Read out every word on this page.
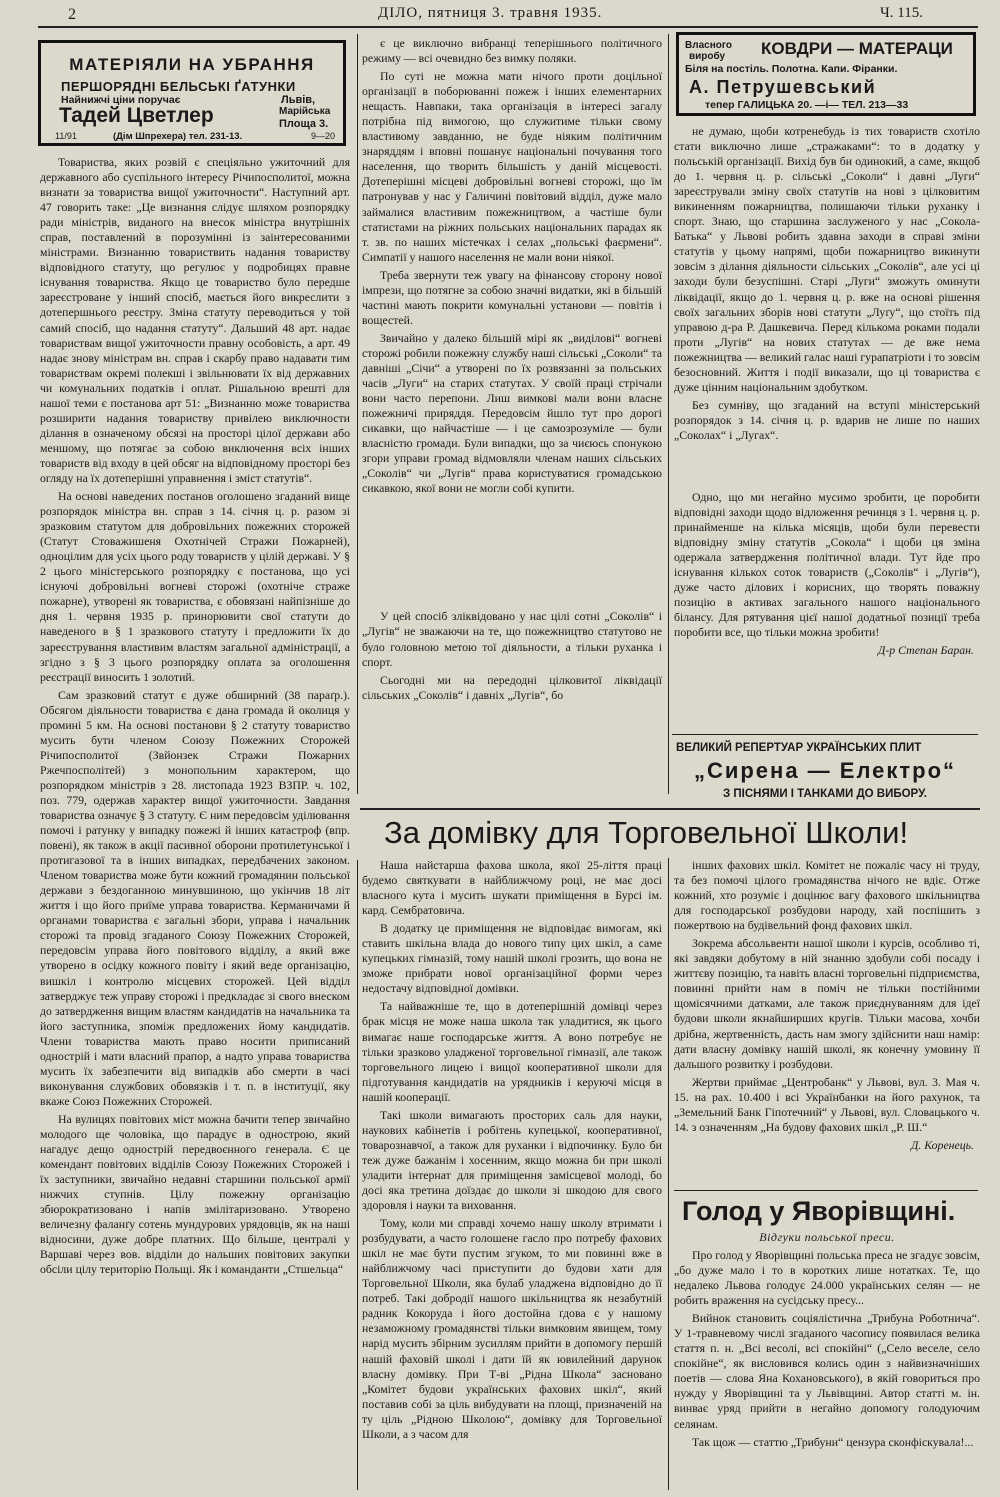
2	ДІЛО, пятниця 3. травня 1935.	Ч. 115.
МАТЕРІЯЛИ НА УБРАННЯ
ПЕРШОРЯДНІ БЕЛЬСЬКІ ҐАТУНКИ
Найнижчі ціни поручає	Львів,
Тадей Цветлер	Марійська
Площа 3.
11/91	(Дім Шпрехера) тел. 231-13.	9—20
Власного
виробу КОВДРИ — МАТЕРАЦИ
Біля на постіль. Полотна. Капи. Фіранки.
А. Петрушевський
тепер ГАЛИЦЬКА 20. —і— ТЕЛ. 213—33

Товариства, яких розвій є спеціяльно ужиточний для державного або суспільного інтересу Річипосполитої, можна визнати за товариства вищої ужиточности“. Наступний арт. 47 говорить таке: „Це визнання слідує шляхом розпорядку ради міністрів, виданого на внесок міністра внутрішніх справ, поставлений в порозумінні із заінтересованими міністрами. Визнанню товариствить надання товариству відповідного статуту, що регулює у подробицях правне існування товариства. Якщо це товариство було передше зареєстроване у інший спосіб, мається його викреслити з дотепершнього реєстру. Зміна статуту переводиться у той самий спосіб, що надання статуту“. Дальший 48 арт. надає товариствам вищої ужиточности правну особовість, а арт. 49 надає знову міністрам вн. справ і скарбу право надавати тим товариствам окремі полекші і звільнювати їх від державних чи комунальних податків і оплат. Рішальною врешті для нашої теми є постанова арт 51: „Визнанню може товариства розширити надання товариству привілею виключности ділання в означеному обсязі на просторі цілої держави або меншому, що потягає за собою виключення всіх інших товариств від входу в цей обсяг на відповідному просторі без огляду на їх дотеперішні управнення і зміст статутів“.

На основі наведених постанов оголошено згаданий вище розпорядок міністра вн. справ з 14. січня ц. р. разом зі зразковим статутом для добровільних пожежних сторожей (Статут Стоважишеня Охотнічей Стражи Пожарней), одноцілим для усіх цього роду товариств у цілій державі. У § 2 цього міністерського розпорядку є постанова, що усі існуючі добровільні вогневі сторожі (охотніче страже пожарне), утворені як товариства, є обовязані найпізніше до дня 1. червня 1935 р. принорювити свої статути до наведеного в § 1 зразкового статуту і предложити їх до зареєстрування властивим властям загальної адміністрації, а згідно з § 3 цього розпорядку оплата за оголошення реєстрації виносить 1 золотий.

Сам зразковий статут є дуже обширний (38 параґр.). Обсягом діяльности товариства є дана громада й околиця у промині 5 км. На основі постанови § 2 статуту товариство мусить бути членом Союзу Пожежних Сторожей Річипосполитої (Звйонзек Стражи Пожарних Ржечпосполітей) з монопольним характером, що розпорядком міністрів з 28. листопада 1923 ВЗПР. ч. 102, поз. 779, одержав характер вищої ужиточности. Завдання товариства означує § 3 статуту. Є ним передовсім уділювання помочі і ратунку у випадку пожежі й інших катастроф (впр. повені), як також в акції пасивної оборони протилетунської і протигазової та в інших випадках, передбачених законом. Членом товариства може бути кожний громадянин польської держави з бездоганною минувшиною, що укінчив 18 літ життя і що його приїме управа товариства. Керманичами й органами товариства є загальні збори, управа і начальник сторожі та провід згаданого Союзу Пожежних Сторожей, передовсім управа його повітового відділу, а який вже утворено в осідку кожного повіту і який веде організацію, вишкіл і контролю місцевих сторожей. Цей відділ затверджує теж управу сторожі і предкладає зі свого внеском до затвердження вищим властям кандидатів на начальника та його заступника, зпоміж предложених йому кандидатів. Члени товариства мають право носити приписаний однострій і мати власний прапор, а надто управа товариства мусить їх забезпечити від випадків або смерти в часі виконування службових обовязків і т. п. в інституції, яку вкаже Союз Пожежних Сторожей.

На вулицях повітових міст можна бачити тепер звичайно молодого ще чоловіка, що парадує в однострою, який нагадує дещо однострій передвоєнного генерала. Є це комендант повітових відділів Союзу Пожежних Сторожей і їх заступники, звичайно недавні старшини польської армії нижчих ступнів. Цілу пожежну організацію збюрократизовано і напів змілітаризовано. Утворено величезну фаланґу сотень мундурових урядовців, як на наші відносини, дуже добре платних. Що більше, централі у Варшаві через вов. відділи до нальших повітових закупки обсіли цілу територію Польщі. Як і команданти „Стшельца“

є це виключно вибранці теперішнього політичного режиму — всі очевидно без вимку поляки.

По суті не можна мати нічого проти доцільної організації в поборюванні пожеж і інших елементарних нещасть. Навпаки, така організація в інтересі загалу потрібна під вимогою, що служитиме тільки свому властивому завданню, не буде ніяким політичним знаряддям і вповні пошанує національні почування того населення, що творить більшість у даній місцевості. Дотеперішні місцеві добровільні вогневі сторожі, що їм патронував у нас у Галичині повітовий відділ, дуже мало займалися властивим пожежництвом, а частіше були статистами на ріжних польських національних парадах як т. зв. по наших містечках і селах „польські фаєрмени“. Симпатії у нашого населення не мали вони ніякої.

Треба звернути теж увагу на фінансову сторону нової імпрези, що потягне за собою значні видатки, які в більшій частині мають покрити комунальні установи — повітів і вощестей.

Звичайно у далеко більшій мірі як „виділові“ вогневі сторожі робили пожежну службу наші сільські „Соколи“ та давніші „Січи“ а утворені по їх розвязанні за польських часів „Луги“ на старих статутах. У своїй праці стрічали вони часто перепони. Лиш вимкові мали вони власне пожежничі приряддя. Передовсім йшло тут про дорогі сикавки, що найчастіше — і це самозрозуміле — були власністю громади. Були випадки, що за чиєюсь спонукою згори управи громад відмовляли членам наших сільських „Соколів“ чи „Лугів“ права користуватися громадською сикавкою, якої вони не могли собі купити.

У цей спосіб зліквідовано у нас цілі сотні „Соколів“ і „Лугів“ не зважаючи на те, що пожежництво статутово не було головною метою тої діяльности, а тільки руханка і спорт.

Сьогодні ми на передодні цілковитої ліквідації сільських „Соколів“ і давніх „Лугів“, бо

не думаю, щоби котренебудь із тих товариств схотіло стати виключно лише „стражаками“: то в додатку у польській організації. Вихід був би одинокий, а саме, якщоб до 1. червня ц. р. сільські „Соколи“ і давні „Луги“ зареєстрували зміну своїх статутів на нові з цілковитим викиненням пожарництва, полишаючи тільки руханку і спорт. Знаю, що старшина заслуженого у нас „Сокола-Батька“ у Львові робить здавна заходи в справі зміни статутів у цьому напрямі, щоби пожарництво викинути зовсім з ділання діяльности сільських „Соколів“, але усі ці заходи були безуспішні. Старі „Луги“ зможуть оминути ліквідації, якщо до 1. червня ц. р. вже на основі рішення своїх загальних зборів нові статути „Луґу“, що стоїть під управою д-ра Р. Дашкевича. Перед кількома роками подали проти „Лугів“ на нових статутах — де вже нема пожежництва — великий галас наші гурапатріоти і то зовсім безосновний. Життя і події виказали, що ці товариства є дуже цінним національним здобутком.

Без сумніву, що згаданий на вступі міністерський розпорядок з 14. січня ц. р. вдарив не лише по наших „Соколах“ і „Лугах“.

Одно, що ми негайно мусимо зробити, це поробити відповідні заходи щодо відложення речинця з 1. червня ц. р. принайменше на кілька місяців, щоби були перевести відповідну зміну статутів „Сокола“ і щоби ця зміна одержала затвердження політичної влади. Тут йде про існування кількох соток товариств („Соколів“ і „Лугів“), дуже часто ділових і корисних, що творять поважну позицію в активах загального нашого національного біланcу. Для рятування цієї нашої додатньої позиції треба поробити все, що тільки можна зробити!

Д-р Степан Баран.
ВЕЛИКИЙ РЕПЕРТУАР УКРАЇНСЬКИХ ПЛИТ
„Сирена — Електро“
З ПІСНЯМИ І ТАНКАМИ ДО ВИБОРУ.
За домівку для Торговельної Школи!

Наша найстарша фахова школа, якої 25-ліття праці будемо святкувати в найближчому році, не має досі власного кута і мусить шукати приміщення в Бурсі ім. кард. Сембратовича.

В додатку це приміщення не відповідає вимогам, які ставить шкільна влада до нового типу цих шкіл, а саме купецьких гімназій, тому нашій школі грозить, що вона не зможе прибрати нової організаційної форми через недостачу відповідної домівки.

Та найважніше те, що в дотеперішній домівці через брак місця не може наша школа так уладитися, як цього вимагає наше господарське життя. А воно потребує не тільки зразково уладженої торговельної гімназії, але також торговельного лицею і вищої кооперативної школи для підготування кандидатів на урядників і керуючі місця в нашій кооперації.

Такі школи вимагають просторих саль для науки, наукових кабінетів і робітень купецької, кооперативної, товарознавчої, а також для руханки і відпочинку. Було би теж дуже бажанім і хосенним, якщо можна би при школі уладити інтернат для приміщення замісцевої молоді, бо досі яка третина доїздає до школи зі шкодою для свого здоровля і науки та виховання.

Тому, коли ми справді хочемо нашу школу втримати і розбудувати, а часто голошене гасло про потребу фахових шкіл не має бути пустим згуком, то ми повинні вже в найближчому часі приступити до будови хати для Торговельної Школи, яка булаб уладжена відповідно до її потреб. Такі добродії нашого шкільництва як незабутній радник Кокоруда і його достойна ґдова є у нашому незаможному громадянстві тільки вимковим явищем, тому нарід мусить збірним зусиллям прийти в допомогу першій нашій фаховій школі і дати їй як ювилейний дарунок власну домівку. При Т-ві „Рідна Школа“ засновано „Комітет будови українських фахових шкіл“, який поставив собі за ціль вибудувати на площі, призначеній на ту ціль „Рідною Школою“, домівку для Торговельної Школи, а з часом для

інших фахових шкіл. Комітет не пожаліє часу ні труду, та без помочі цілого громадянства нічого не вдіє. Отже кожний, хто розуміє і доцінює вагу фахового шкільництва для господарської розбудови народу, хай поспішить з пожертвою на будівельний фонд фахових шкіл.

Зокрема абсольвенти нашої школи і курсів, особливо ті, які завдяки добутому в ній знанню здобули собі посаду і життєву позицію, та навіть власні торговельні підприємства, повинні прийти нам в поміч не тільки постійними щомісячними датками, але також приєднуванням для ідеї будови школи якнайширших кругів. Тільки масова, хочби дрібна, жертвенність, дасть нам змогу здійснити наш намір: дати власну домівку нашій школі, як конечну умовину її дальшого розвитку і розбудови.

Жертви приймає „Центробанк“ у Львові, вул. 3. Мая ч. 15. на рах. 10.400 і всі Українбанки на його рахунок, та „Земельний Банк Гіпотечний“ у Львові, вул. Словацького ч. 14. з означенням „На будову фахових шкіл „Р. Ш.“

Д. Коренець.
Голод у Яворівщині.
Відгуки польської преси.

Про голод у Яворівщині польська преса не згадує зовсім, „бо дуже мало і то в коротких лише нотатках. Те, що недалеко Львова голодує 24.000 українських селян — не робить враження на сусідську пресу...

Вийнок становить соціялістична „Трибуна Роботнича“. У 1-травневому числі згаданого часопису появилася велика стаття п. н. „Всі весолі, всі спокійні“ („Село веселе, село спокійне“, як висловився колись один з найвизначніших поетів — слова Яна Кохановського), в якій говориться про нужду у Яворівщині та у Львівщині. Автор статті м. ін. винває уряд прийти в негайно допомогу голодуючим селянам.

Так щож — статтю „Трибуни“ цензура сконфіскувала!...
